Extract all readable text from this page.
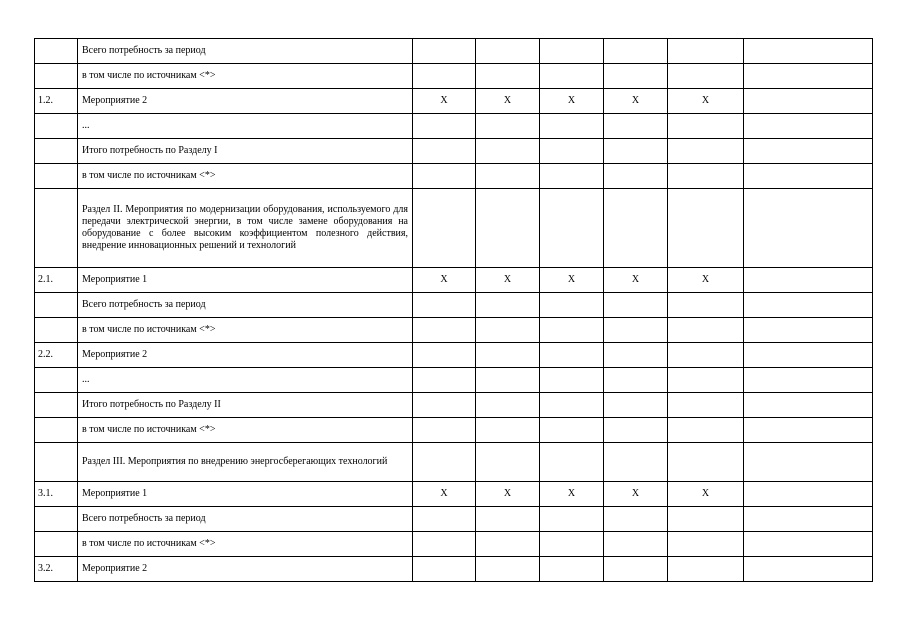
	Всего потребность за период						
	в том числе по источникам <*>						
1.2.	Мероприятие 2	X	X	X	X	X	
	...						
	Итого потребность по Разделу I						
	в том числе по источникам <*>						
	Раздел II. Мероприятия по модернизации оборудования, используемого для передачи электрической энергии, в том числе замене оборудования на оборудование с более высоким коэффициентом полезного действия, внедрение инновационных решений и технологий						
2.1.	Мероприятие 1	X	X	X	X	X	
	Всего потребность за период						
	в том числе по источникам <*>						
2.2.	Мероприятие 2						
	...						
	Итого потребность по Разделу II						
	в том числе по источникам <*>						
	Раздел III. Мероприятия по внедрению энергосберегающих технологий						
3.1.	Мероприятие 1	X	X	X	X	X	
	Всего потребность за период						
	в том числе по источникам <*>						
3.2.	Мероприятие 2						
